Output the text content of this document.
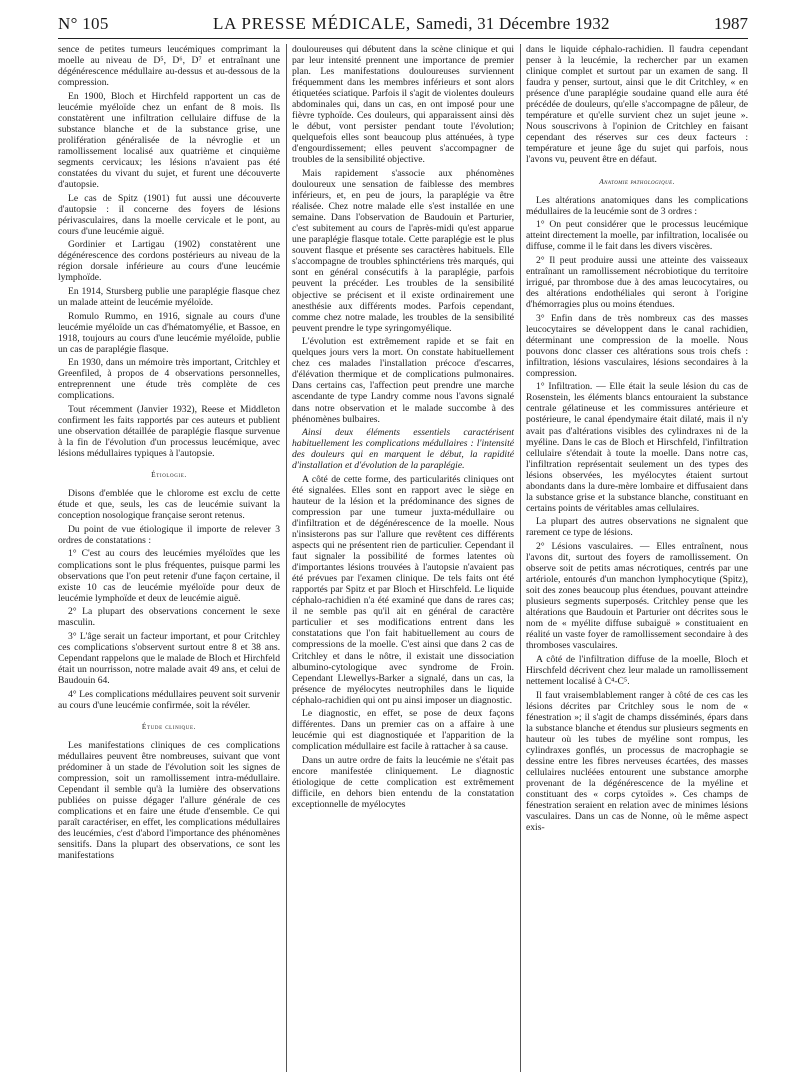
N° 105	LA PRESSE MÉDICALE, Samedi, 31 Décembre 1932	1987

sence de petites tumeurs leucémiques comprimant la moelle au niveau de D⁵, D⁶, D⁷ et entraînant une dégénérescence médullaire au-dessus et au-dessous de la compression.

En 1900, Bloch et Hirchfeld rapportent un cas de leucémie myéloïde chez un enfant de 8 mois. Ils constatèrent une infiltration cellulaire diffuse de la substance blanche et de la substance grise, une prolifération généralisée de la névroglie et un ramollissement localisé aux quatrième et cinquième segments cervicaux; les lésions n'avaient pas été constatées du vivant du sujet, et furent une découverte d'autopsie.

Le cas de Spitz (1901) fut aussi une découverte d'autopsie : il concerne des foyers de lésions périvasculaires, dans la moelle cervicale et le pont, au cours d'une leucémie aiguë.

Gordinier et Lartigau (1902) constatèrent une dégénérescence des cordons postérieurs au niveau de la région dorsale inférieure au cours d'une leucémie lymphoïde.

En 1914, Stursberg publie une paraplégie flasque chez un malade atteint de leucémie myéloïde.

Romulo Rummo, en 1916, signale au cours d'une leucémie myéloïde un cas d'hématomyélie, et Bassoe, en 1918, toujours au cours d'une leucémie myéloïde, publie un cas de paraplégie flasque.

En 1930, dans un mémoire très important, Critchley et Greenfiled, à propos de 4 observations personnelles, entreprennent une étude très complète de ces complications.

Tout récemment (Janvier 1932), Reese et Middleton confirment les faits rapportés par ces auteurs et publient une observation détaillée de paraplégie flasque survenue à la fin de l'évolution d'un processus leucémique, avec lésions médullaires typiques à l'autopsie.

Étiologie.

Disons d'emblée que le chlorome est exclu de cette étude et que, seuls, les cas de leucémie suivant la conception nosologique française seront retenus.

Du point de vue étiologique il importe de relever 3 ordres de constatations :

1° C'est au cours des leucémies myéloïdes que les complications sont le plus fréquentes, puisque parmi les observations que l'on peut retenir d'une façon certaine, il existe 10 cas de leucémie myéloïde pour deux de leucémie lymphoïde et deux de leucémie aiguë.

2° La plupart des observations concernent le sexe masculin.

3° L'âge serait un facteur important, et pour Critchley ces complications s'observent surtout entre 8 et 38 ans. Cependant rappelons que le malade de Bloch et Hirchfeld était un nourrisson, notre malade avait 49 ans, et celui de Baudouin 64.

4° Les complications médullaires peuvent soit survenir au cours d'une leucémie confirmée, soit la révéler.

Étude clinique.

Les manifestations cliniques de ces complications médullaires peuvent être nombreuses, suivant que vont prédominer à un stade de l'évolution soit les signes de compression, soit un ramollissement intra-médullaire. Cependant il semble qu'à la lumière des observations publiées on puisse dégager l'allure générale de ces complications et en faire une étude d'ensemble. Ce qui paraît caractériser, en effet, les complications médullaires des leucémies, c'est d'abord l'importance des phénomènes sensitifs. Dans la plupart des observations, ce sont les manifestations

douloureuses qui débutent dans la scène clinique et qui par leur intensité prennent une importance de premier plan. Les manifestations douloureuses surviennent fréquemment dans les membres inférieurs et sont alors étiquetées sciatique. Parfois il s'agit de violentes douleurs abdominales qui, dans un cas, en ont imposé pour une fièvre typhoïde. Ces douleurs, qui apparaissent ainsi dès le début, vont persister pendant toute l'évolution; quelquefois elles sont beaucoup plus atténuées, à type d'engourdissement; elles peuvent s'accompagner de troubles de la sensibilité objective.

Mais rapidement s'associe aux phénomènes douloureux une sensation de faiblesse des membres inférieurs, et, en peu de jours, la paraplégie va être réalisée. Chez notre malade elle s'est installée en une semaine. Dans l'observation de Baudouin et Parturier, c'est subitement au cours de l'après-midi qu'est apparue une paraplégie flasque totale. Cette paraplégie est le plus souvent flasque et présente ses caractères habituels. Elle s'accompagne de troubles sphinctériens très marqués, qui sont en général consécutifs à la paraplégie, parfois peuvent la précéder. Les troubles de la sensibilité objective se précisent et il existe ordinairement une anesthésie aux différents modes. Parfois cependant, comme chez notre malade, les troubles de la sensibilité peuvent prendre le type syringomyélique.

L'évolution est extrêmement rapide et se fait en quelques jours vers la mort. On constate habituellement chez ces malades l'installation précoce d'escarres, d'élévation thermique et de complications pulmonaires. Dans certains cas, l'affection peut prendre une marche ascendante de type Landry comme nous l'avons signalé dans notre observation et le malade succombe à des phénomènes bulbaires.

Ainsi deux éléments essentiels caractérisent habituellement les complications médullaires : l'intensité des douleurs qui en marquent le début, la rapidité d'installation et d'évolution de la paraplégie.

A côté de cette forme, des particularités cliniques ont été signalées. Elles sont en rapport avec le siège en hauteur de la lésion et la prédominance des signes de compression par une tumeur juxta-médullaire ou d'infiltration et de dégénérescence de la moelle. Nous n'insisterons pas sur l'allure que revêtent ces différents aspects qui ne présentent rien de particulier. Cependant il faut signaler la possibilité de formes latentes où d'importantes lésions trouvées à l'autopsie n'avaient pas été prévues par l'examen clinique. De tels faits ont été rapportés par Spitz et par Bloch et Hirschfeld. Le liquide céphalo-rachidien n'a été examiné que dans de rares cas; il ne semble pas qu'il ait en général de caractère particulier et ses modifications entrent dans les constatations que l'on fait habituellement au cours de compressions de la moelle. C'est ainsi que dans 2 cas de Critchley et dans le nôtre, il existait une dissociation albumino-cytologique avec syndrome de Froin. Cependant Llewellys-Barker a signalé, dans un cas, la présence de myélocytes neutrophiles dans le liquide céphalo-rachidien qui ont pu ainsi imposer un diagnostic.

Le diagnostic, en effet, se pose de deux façons différentes. Dans un premier cas on a affaire à une leucémie qui est diagnostiquée et l'apparition de la complication médullaire est facile à rattacher à sa cause.

Dans un autre ordre de faits la leucémie ne s'était pas encore manifestée cliniquement. Le diagnostic étiologique de cette complication est extrêmement difficile, en dehors bien entendu de la constatation exceptionnelle de myélocytes

dans le liquide céphalo-rachidien. Il faudra cependant penser à la leucémie, la rechercher par un examen clinique complet et surtout par un examen de sang. Il faudra y penser, surtout, ainsi que le dit Critchley, « en présence d'une paraplégie soudaine quand elle aura été précédée de douleurs, qu'elle s'accompagne de pâleur, de température et qu'elle survient chez un sujet jeune ». Nous souscrivons à l'opinion de Critchley en faisant cependant des réserves sur ces deux facteurs : température et jeune âge du sujet qui parfois, nous l'avons vu, peuvent être en défaut.

Anatomie pathologique.

Les altérations anatomiques dans les complications médullaires de la leucémie sont de 3 ordres :

1° On peut considérer que le processus leucémique atteint directement la moelle, par infiltration, localisée ou diffuse, comme il le fait dans les divers viscères.

2° Il peut produire aussi une atteinte des vaisseaux entraînant un ramollissement nécrobiotique du territoire irrigué, par thrombose due à des amas leucocytaires, ou des altérations endothéliales qui seront à l'origine d'hémorragies plus ou moins étendues.

3° Enfin dans de très nombreux cas des masses leucocytaires se développent dans le canal rachidien, déterminant une compression de la moelle. Nous pouvons donc classer ces altérations sous trois chefs : infiltration, lésions vasculaires, lésions secondaires à la compression.

1° Infiltration. — Elle était la seule lésion du cas de Rosenstein, les éléments blancs entouraient la substance centrale gélatineuse et les commissures antérieure et postérieure, le canal épendymaire était dilaté, mais il n'y avait pas d'altérations visibles des cylindraxes ni de la myéline. Dans le cas de Bloch et Hirschfeld, l'infiltration cellulaire s'étendait à toute la moelle. Dans notre cas, l'infiltration représentait seulement un des types des lésions observées, les myélocytes étaient surtout abondants dans la dure-mère lombaire et diffusaient dans la substance grise et la substance blanche, constituant en certains points de véritables amas cellulaires.

La plupart des autres observations ne signalent que rarement ce type de lésions.

2° Lésions vasculaires. — Elles entraînent, nous l'avons dit, surtout des foyers de ramollissement. On observe soit de petits amas nécrotiques, centrés par une artériole, entourés d'un manchon lymphocytique (Spitz), soit des zones beaucoup plus étendues, pouvant atteindre plusieurs segments superposés. Critchley pense que les altérations que Baudouin et Parturier ont décrites sous le nom de « myélite diffuse subaiguë » constituaient en réalité un vaste foyer de ramollissement secondaire à des thromboses vasculaires.

A côté de l'infiltration diffuse de la moelle, Bloch et Hirschfeld décrivent chez leur malade un ramollissement nettement localisé à C⁴-C⁵.

Il faut vraisemblablement ranger à côté de ces cas les lésions décrites par Critchley sous le nom de « fénestration »; il s'agit de champs disséminés, épars dans la substance blanche et étendus sur plusieurs segments en hauteur où les tubes de myéline sont rompus, les cylindraxes gonflés, un processus de macrophagie se dessine entre les fibres nerveuses écartées, des masses cellulaires nucléées entourent une substance amorphe provenant de la dégénérescence de la myéline et constituant des « corps cytoïdes ». Ces champs de fénestration seraient en relation avec de minimes lésions vasculaires. Dans un cas de Nonne, où le même aspect exis-
